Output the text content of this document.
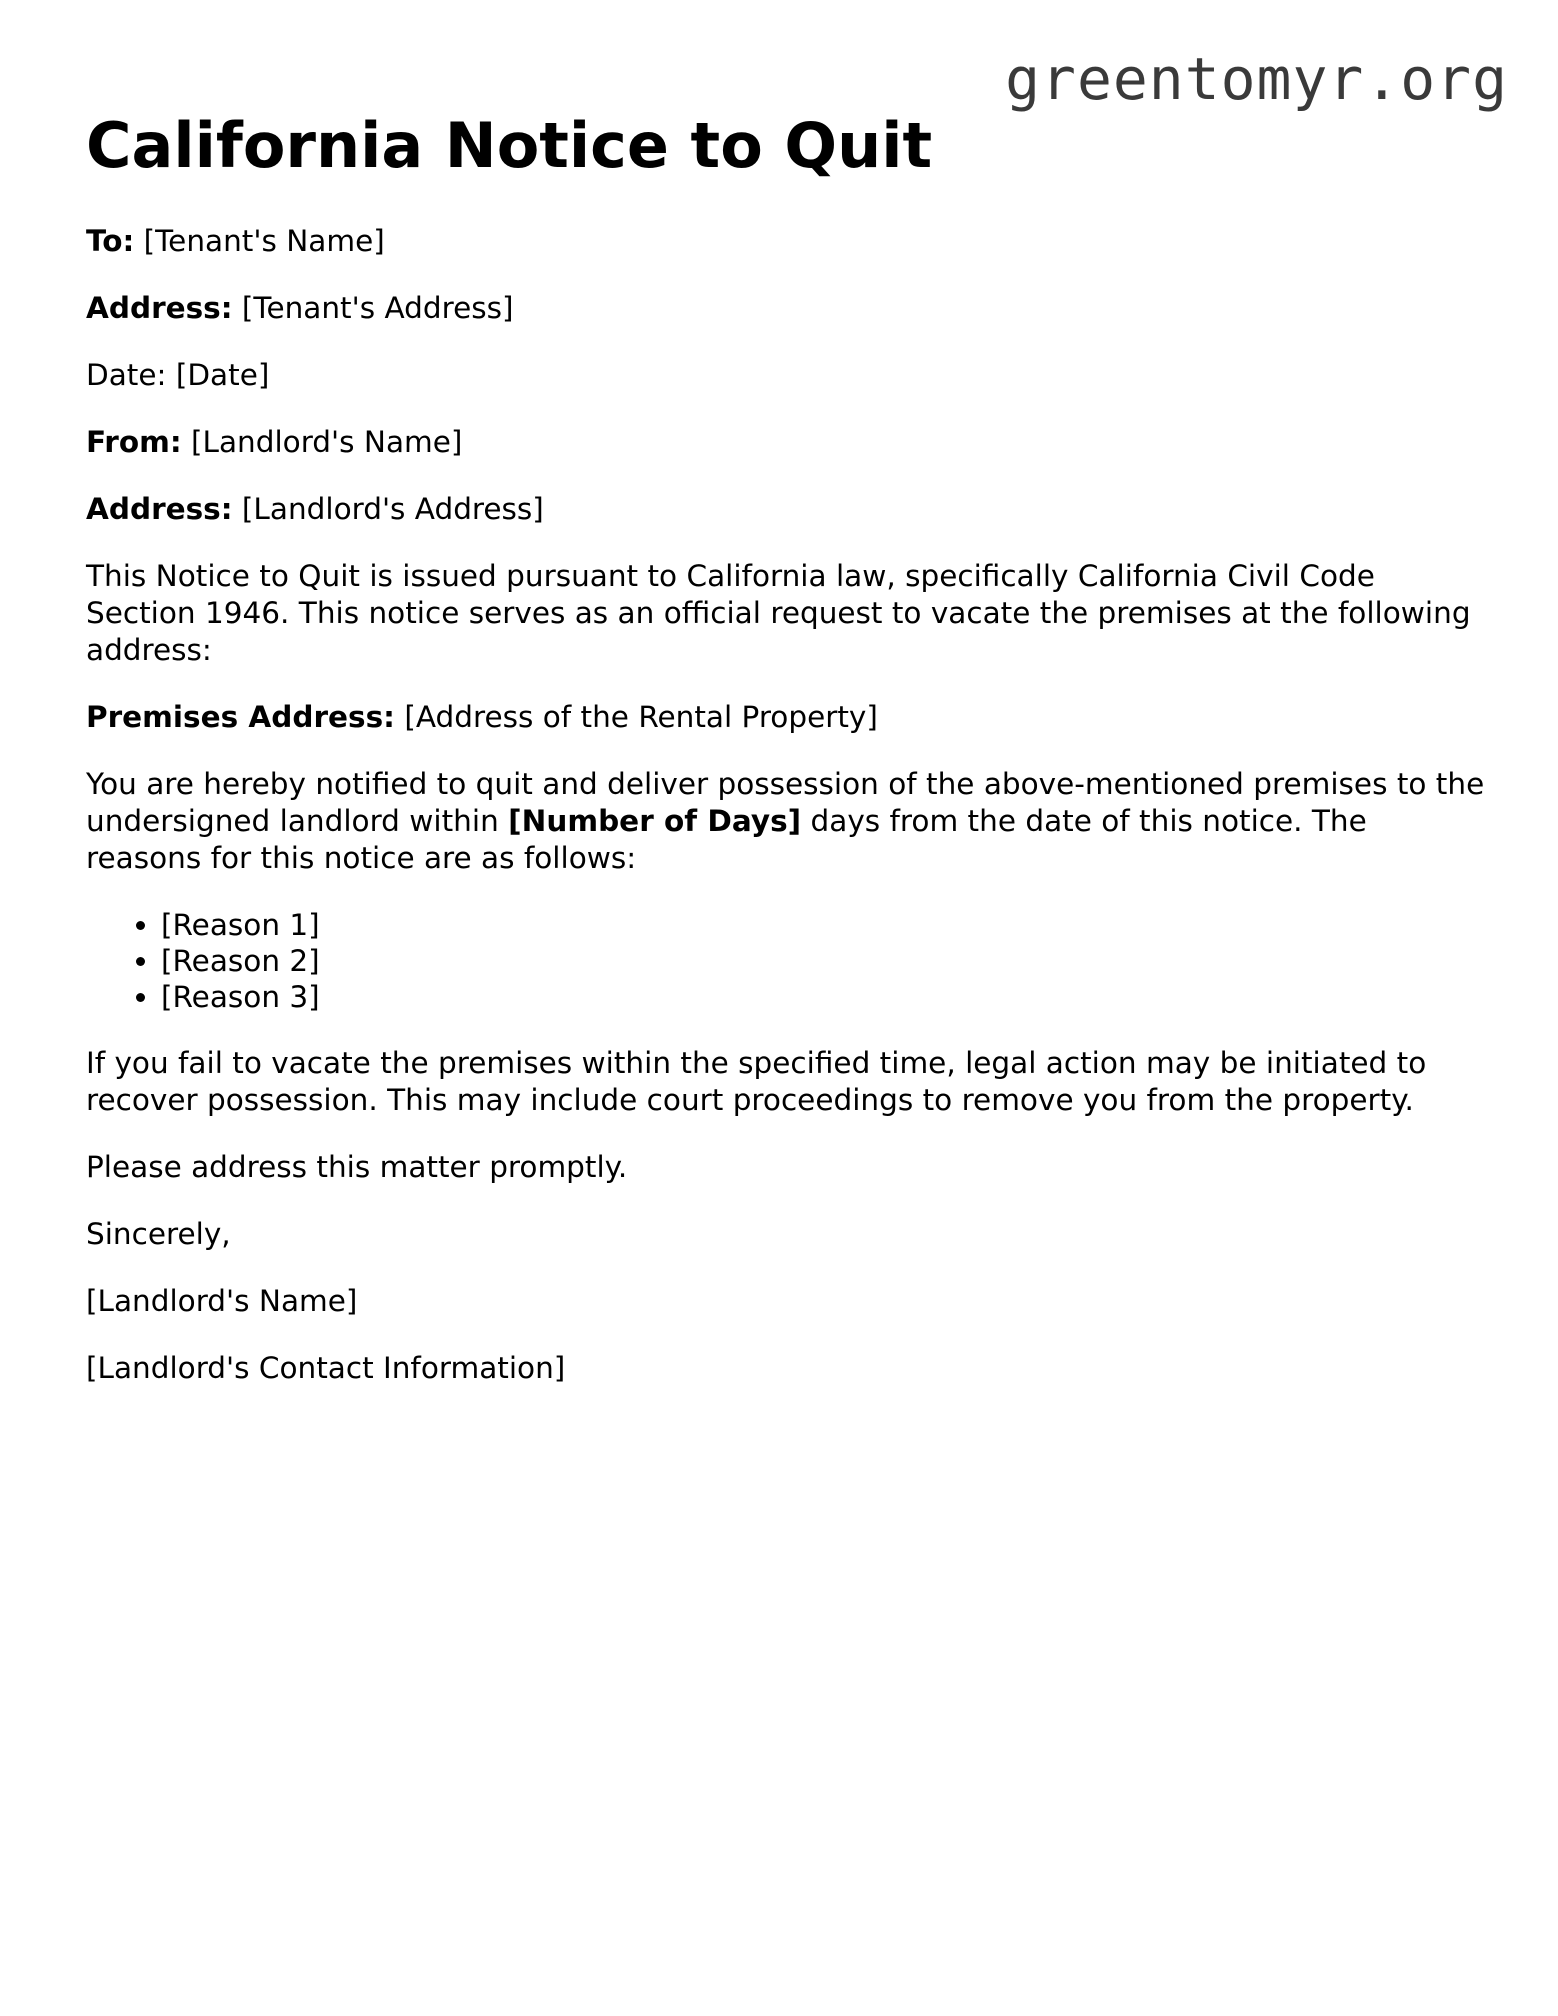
greentomyr.org
California Notice to Quit

To: [Tenant's Name]

Address: [Tenant's Address]

Date: [Date]

From: [Landlord's Name]

Address: [Landlord's Address]

This Notice to Quit is issued pursuant to California law, specifically California Civil Code Section 1946. This notice serves as an official request to vacate the premises at the following address:

Premises Address: [Address of the Rental Property]

You are hereby notified to quit and deliver possession of the above-mentioned premises to the undersigned landlord within [Number of Days] days from the date of this notice. The reasons for this notice are as follows:

• [Reason 1]
• [Reason 2]
• [Reason 3]

If you fail to vacate the premises within the specified time, legal action may be initiated to recover possession. This may include court proceedings to remove you from the property.

Please address this matter promptly.

Sincerely,

[Landlord's Name]

[Landlord's Contact Information]
